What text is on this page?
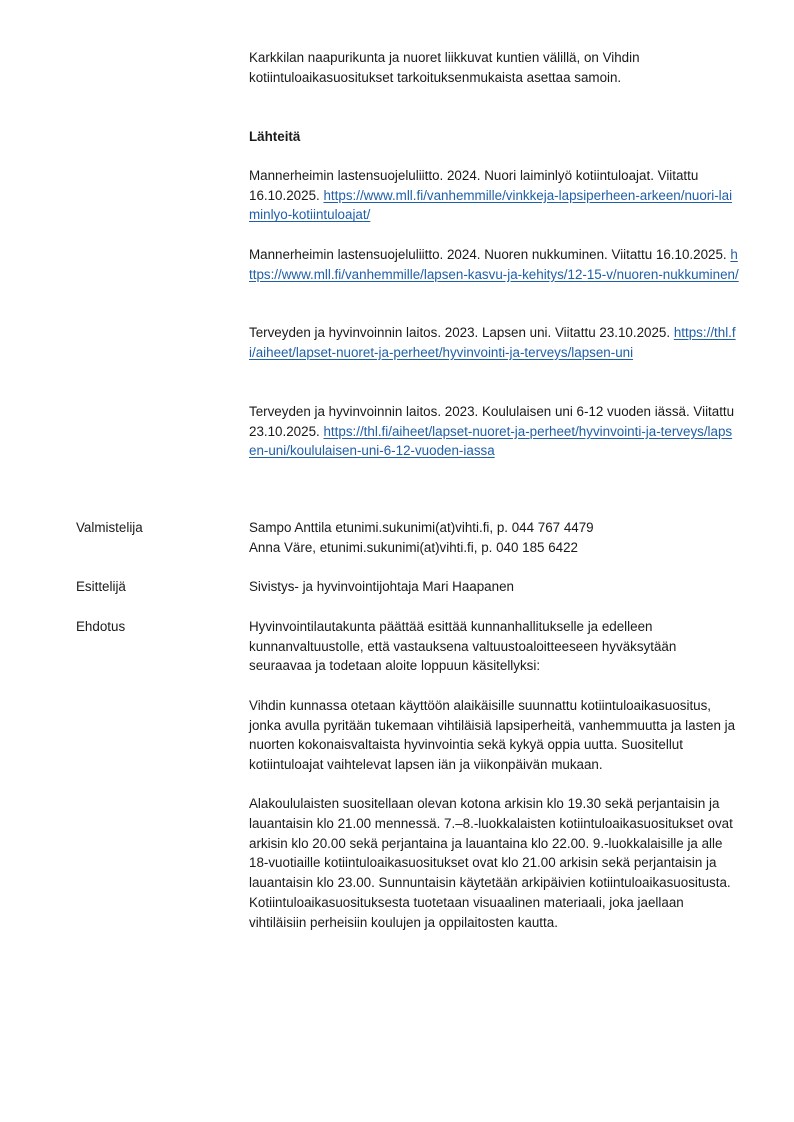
Karkkilan naapurikunta ja nuoret liikkuvat kuntien välillä, on Vihdin

kotiintuloaikasuositukset tarkoituksenmukaista asettaa samoin.

Lähteitä

Mannerheimin lastensuojeluliitto. 2024. Nuori laiminlyö kotiintuloajat. Viitattu 16.10.2025. https://www.mll.fi/vanhemmille/vinkkeja-lapsiperheen-arkeen/nuori-laiminlyo-kotiintuloajat/

Mannerheimin lastensuojeluliitto. 2024. Nuoren nukkuminen. Viitattu 16.10.2025. https://www.mll.fi/vanhemmille/lapsen-kasvu-ja-kehitys/12-15-v/nuoren-nukkuminen/

Terveyden ja hyvinvoinnin laitos. 2023. Lapsen uni. Viitattu 23.10.2025. https://thl.fi/aiheet/lapset-nuoret-ja-perheet/hyvinvointi-ja-terveys/lapsen-uni

Terveyden ja hyvinvoinnin laitos. 2023. Koululaisen uni 6-12 vuoden iässä. Viitattu 23.10.2025. https://thl.fi/aiheet/lapset-nuoret-ja-perheet/hyvinvointi-ja-terveys/lapsen-uni/koululaisen-uni-6-12-vuoden-iassa

Valmistelija	Sampo Anttila etunimi.sukunimi(at)vihti.fi, p. 044 767 4479

Anna Väre, etunimi.sukunimi(at)vihti.fi, p. 040 185 6422

Esittelijä	Sivistys- ja hyvinvointijohtaja Mari Haapanen
Ehdotus	Hyvinvointilautakunta päättää esittää kunnanhallitukselle ja edelleen kunnanvaltuustolle, että vastauksena valtuustoaloitteeseen hyväksytään seuraavaa ja todetaan aloite loppuun käsitellyksi:

Vihdin kunnassa otetaan käyttöön alaikäisille suunnattu kotiintuloaikasuositus, jonka avulla pyritään tukemaan vihtiläisiä lapsiperheitä, vanhemmuutta ja lasten ja nuorten kokonaisvaltaista hyvinvointia sekä kykyä oppia uutta. Suositellut kotiintuloajat vaihtelevat lapsen iän ja viikonpäivän mukaan.

Alakoululaisten suositellaan olevan kotona arkisin klo 19.30 sekä perjantaisin ja lauantaisin klo 21.00 mennessä. 7.–8.-luokkalaisten kotiintuloaikasuositukset ovat arkisin klo 20.00 sekä perjantaina ja lauantaina klo 22.00. 9.-luokkalaisille ja alle 18-vuotiaille kotiintuloaikasuositukset ovat klo 21.00 arkisin sekä perjantaisin ja lauantaisin klo 23.00. Sunnuntaisin käytetään arkipäivien kotiintuloaikasuositusta. Kotiintuloaikasuosituksesta tuotetaan visuaalinen materiaali, joka jaellaan vihtiläisiin perheisiin koulujen ja oppilaitosten kautta.
